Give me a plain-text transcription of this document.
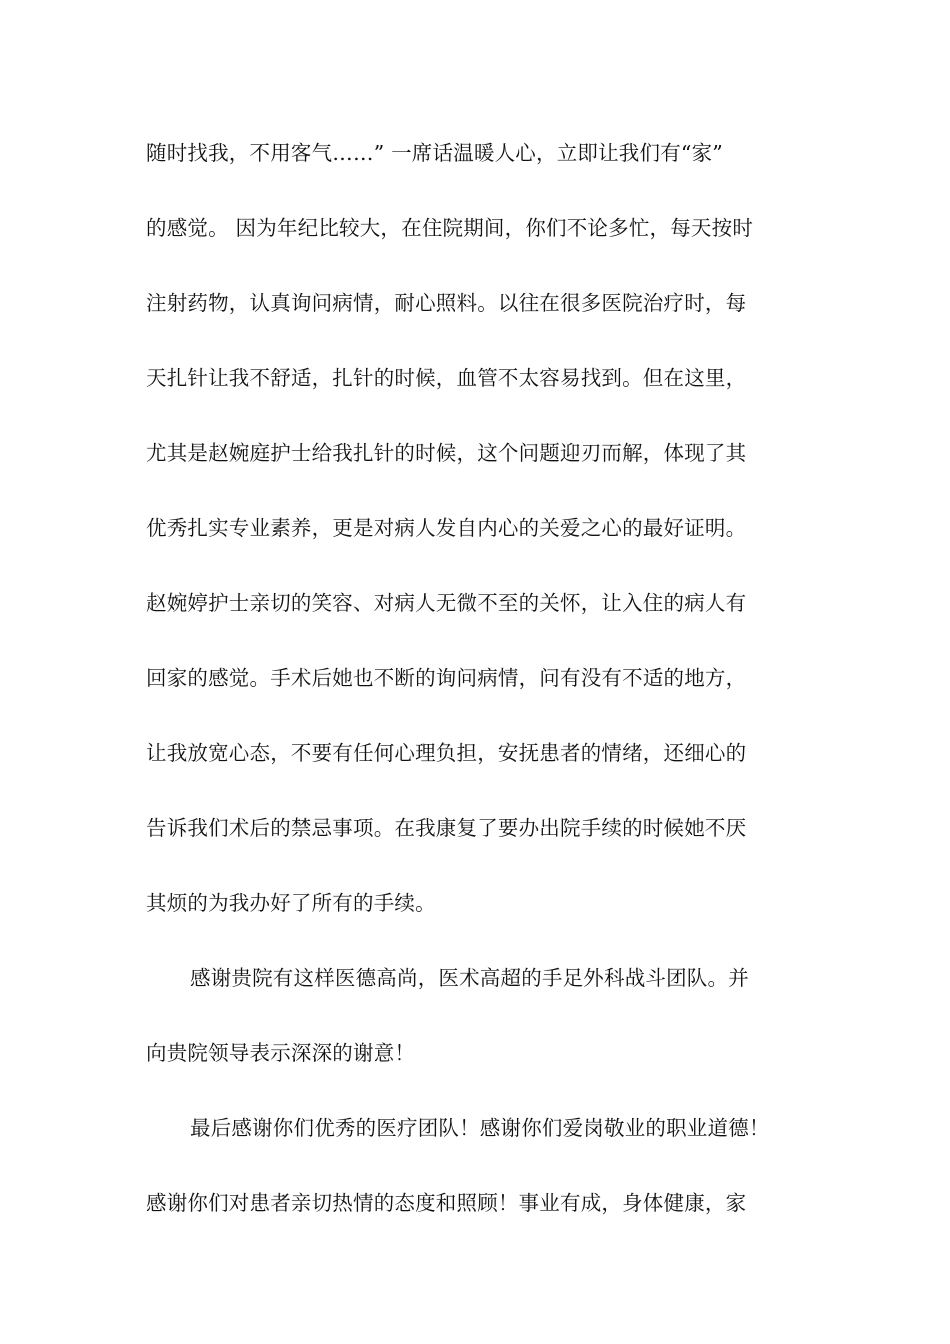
随时找我，不用客气……” 一席话温暖人心，立即让我们有“家”
的感觉。 因为年纪比较大，在住院期间，你们不论多忙，每天按时
注射药物，认真询问病情，耐心照料。以往在很多医院治疗时，每
天扎针让我不舒适，扎针的时候，血管不太容易找到。但在这里，
尤其是赵婉庭护士给我扎针的时候，这个问题迎刃而解，体现了其
优秀扎实专业素养，更是对病人发自内心的关爱之心的最好证明。
赵婉婷护士亲切的笑容、对病人无微不至的关怀，让入住的病人有
回家的感觉。手术后她也不断的询问病情，问有没有不适的地方，
让我放宽心态，不要有任何心理负担，安抚患者的情绪，还细心的
告诉我们术后的禁忌事项。在我康复了要办出院手续的时候她不厌
其烦的为我办好了所有的手续。
感谢贵院有这样医德高尚，医术高超的手足外科战斗团队。并
向贵院领导表示深深的谢意！
最后感谢你们优秀的医疗团队！感谢你们爱岗敬业的职业道德！
感谢你们对患者亲切热情的态度和照顾！事业有成，身体健康，家
